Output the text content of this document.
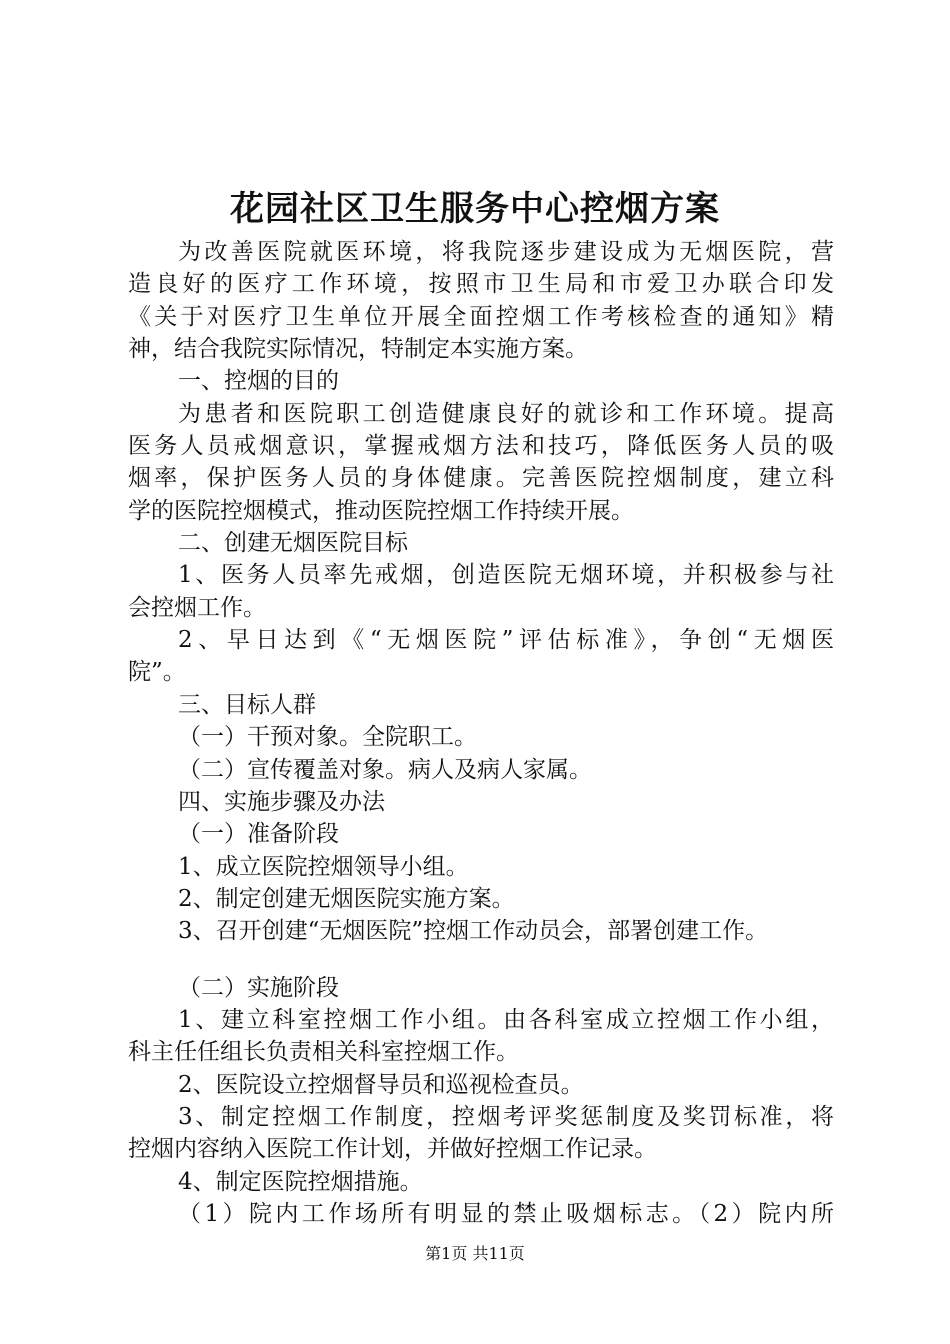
花园社区卫生服务中心控烟方案
为改善医院就医环境，将我院逐步建设成为无烟医院，营
造良好的医疗工作环境，按照市卫生局和市爱卫办联合印发
《关于对医疗卫生单位开展全面控烟工作考核检查的通知》精
神，结合我院实际情况，特制定本实施方案。
一、控烟的目的
为患者和医院职工创造健康良好的就诊和工作环境。提高
医务人员戒烟意识，掌握戒烟方法和技巧，降低医务人员的吸
烟率，保护医务人员的身体健康。完善医院控烟制度，建立科
学的医院控烟模式，推动医院控烟工作持续开展。
二、创建无烟医院目标
1、医务人员率先戒烟，创造医院无烟环境，并积极参与社
会控烟工作。
2、早日达到《“无烟医院”评估标准》，争创“无烟医
院”。
三、目标人群
（一）干预对象。全院职工。
（二）宣传覆盖对象。病人及病人家属。
四、实施步骤及办法
（一）准备阶段
1、成立医院控烟领导小组。
2、制定创建无烟医院实施方案。
3、召开创建“无烟医院”控烟工作动员会，部署创建工作。
（二）实施阶段
1、建立科室控烟工作小组。由各科室成立控烟工作小组，
科主任任组长负责相关科室控烟工作。
2、医院设立控烟督导员和巡视检查员。
3、制定控烟工作制度，控烟考评奖惩制度及奖罚标准，将
控烟内容纳入医院工作计划，并做好控烟工作记录。
4、制定医院控烟措施。
（1）院内工作场所有明显的禁止吸烟标志。（2）院内所
第1页 共11页
